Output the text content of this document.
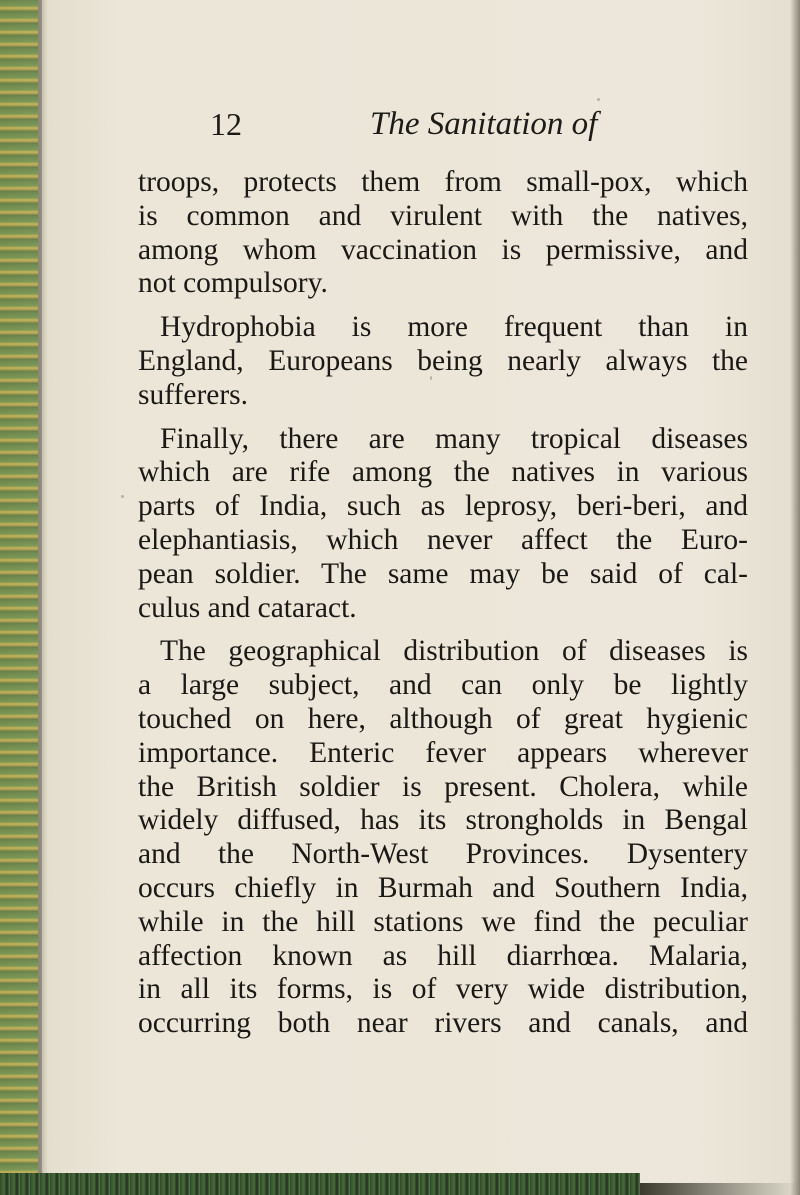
12	The Sanitation of
troops, protects them from small-pox, which
is common and virulent with the natives,
among whom vaccination is permissive, and
not compulsory.
Hydrophobia is more frequent than in
England, Europeans being nearly always the
sufferers.
Finally, there are many tropical diseases
which are rife among the natives in various
parts of India, such as leprosy, beri-beri, and
elephantiasis, which never affect the Euro-
pean soldier. The same may be said of cal-
culus and cataract.
The geographical distribution of diseases is
a large subject, and can only be lightly
touched on here, although of great hygienic
importance. Enteric fever appears wherever
the British soldier is present. Cholera, while
widely diffused, has its strongholds in Bengal
and the North-West Provinces. Dysentery
occurs chiefly in Burmah and Southern India,
while in the hill stations we find the peculiar
affection known as hill diarrhœa. Malaria,
in all its forms, is of very wide distribution,
occurring both near rivers and canals, and
